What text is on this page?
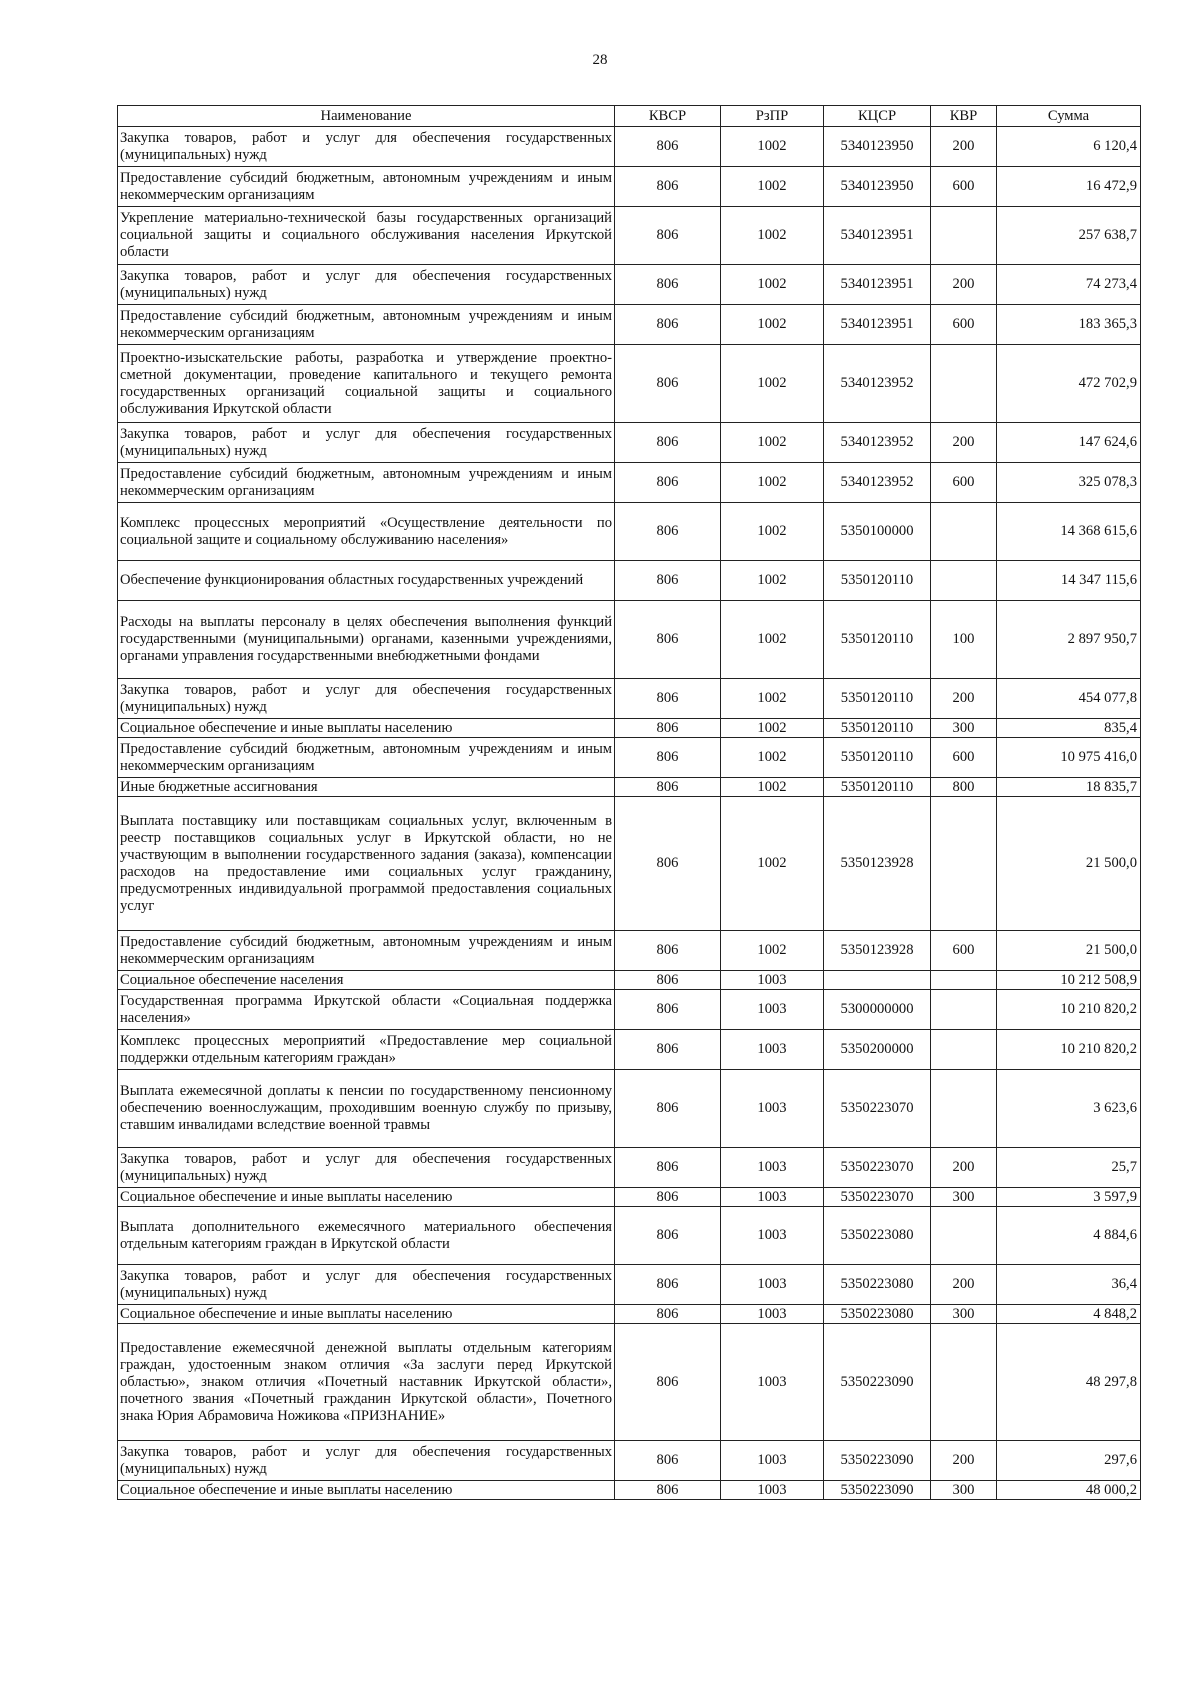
28
Наименование	КВСР	РзПР	КЦСР	КВР	Сумма
Закупка товаров, работ и услуг для обеспечения государственных (муниципальных) нужд	806	1002	5340123950	200	6 120,4
Предоставление субсидий бюджетным, автономным учреждениям и иным некоммерческим организациям	806	1002	5340123950	600	16 472,9
Укрепление материально-технической базы государственных организаций социальной защиты и социального обслуживания населения Иркутской области	806	1002	5340123951		257 638,7
Закупка товаров, работ и услуг для обеспечения государственных (муниципальных) нужд	806	1002	5340123951	200	74 273,4
Предоставление субсидий бюджетным, автономным учреждениям и иным некоммерческим организациям	806	1002	5340123951	600	183 365,3
Проектно-изыскательские работы, разработка и утверждение проектно-сметной документации, проведение капитального и текущего ремонта государственных организаций социальной защиты и социального обслуживания Иркутской области	806	1002	5340123952		472 702,9
Закупка товаров, работ и услуг для обеспечения государственных (муниципальных) нужд	806	1002	5340123952	200	147 624,6
Предоставление субсидий бюджетным, автономным учреждениям и иным некоммерческим организациям	806	1002	5340123952	600	325 078,3
Комплекс процессных мероприятий «Осуществление деятельности по социальной защите и социальному обслуживанию населения»	806	1002	5350100000		14 368 615,6
Обеспечение функционирования областных государственных учреждений	806	1002	5350120110		14 347 115,6
Расходы на выплаты персоналу в целях обеспечения выполнения функций государственными (муниципальными) органами, казенными учреждениями, органами управления государственными внебюджетными фондами	806	1002	5350120110	100	2 897 950,7
Закупка товаров, работ и услуг для обеспечения государственных (муниципальных) нужд	806	1002	5350120110	200	454 077,8
Социальное обеспечение и иные выплаты населению	806	1002	5350120110	300	835,4
Предоставление субсидий бюджетным, автономным учреждениям и иным некоммерческим организациям	806	1002	5350120110	600	10 975 416,0
Иные бюджетные ассигнования	806	1002	5350120110	800	18 835,7
Выплата поставщику или поставщикам социальных услуг, включенным в реестр поставщиков социальных услуг в Иркутской области, но не участвующим в выполнении государственного задания (заказа), компенсации расходов на предоставление ими социальных услуг гражданину, предусмотренных индивидуальной программой предоставления социальных услуг	806	1002	5350123928		21 500,0
Предоставление субсидий бюджетным, автономным учреждениям и иным некоммерческим организациям	806	1002	5350123928	600	21 500,0
Социальное обеспечение населения	806	1003			10 212 508,9
Государственная программа Иркутской области «Социальная поддержка населения»	806	1003	5300000000		10 210 820,2
Комплекс процессных мероприятий «Предоставление мер социальной поддержки отдельным категориям граждан»	806	1003	5350200000		10 210 820,2
Выплата ежемесячной доплаты к пенсии по государственному пенсионному обеспечению военнослужащим, проходившим военную службу по призыву, ставшим инвалидами вследствие военной травмы	806	1003	5350223070		3 623,6
Закупка товаров, работ и услуг для обеспечения государственных (муниципальных) нужд	806	1003	5350223070	200	25,7
Социальное обеспечение и иные выплаты населению	806	1003	5350223070	300	3 597,9
Выплата дополнительного ежемесячного материального обеспечения отдельным категориям граждан в Иркутской области	806	1003	5350223080		4 884,6
Закупка товаров, работ и услуг для обеспечения государственных (муниципальных) нужд	806	1003	5350223080	200	36,4
Социальное обеспечение и иные выплаты населению	806	1003	5350223080	300	4 848,2
Предоставление ежемесячной денежной выплаты отдельным категориям граждан, удостоенным знаком отличия «За заслуги перед Иркутской областью», знаком отличия «Почетный наставник Иркутской области», почетного звания «Почетный гражданин Иркутской области», Почетного знака Юрия Абрамовича Ножикова «ПРИЗНАНИЕ»	806	1003	5350223090		48 297,8
Закупка товаров, работ и услуг для обеспечения государственных (муниципальных) нужд	806	1003	5350223090	200	297,6
Социальное обеспечение и иные выплаты населению	806	1003	5350223090	300	48 000,2
